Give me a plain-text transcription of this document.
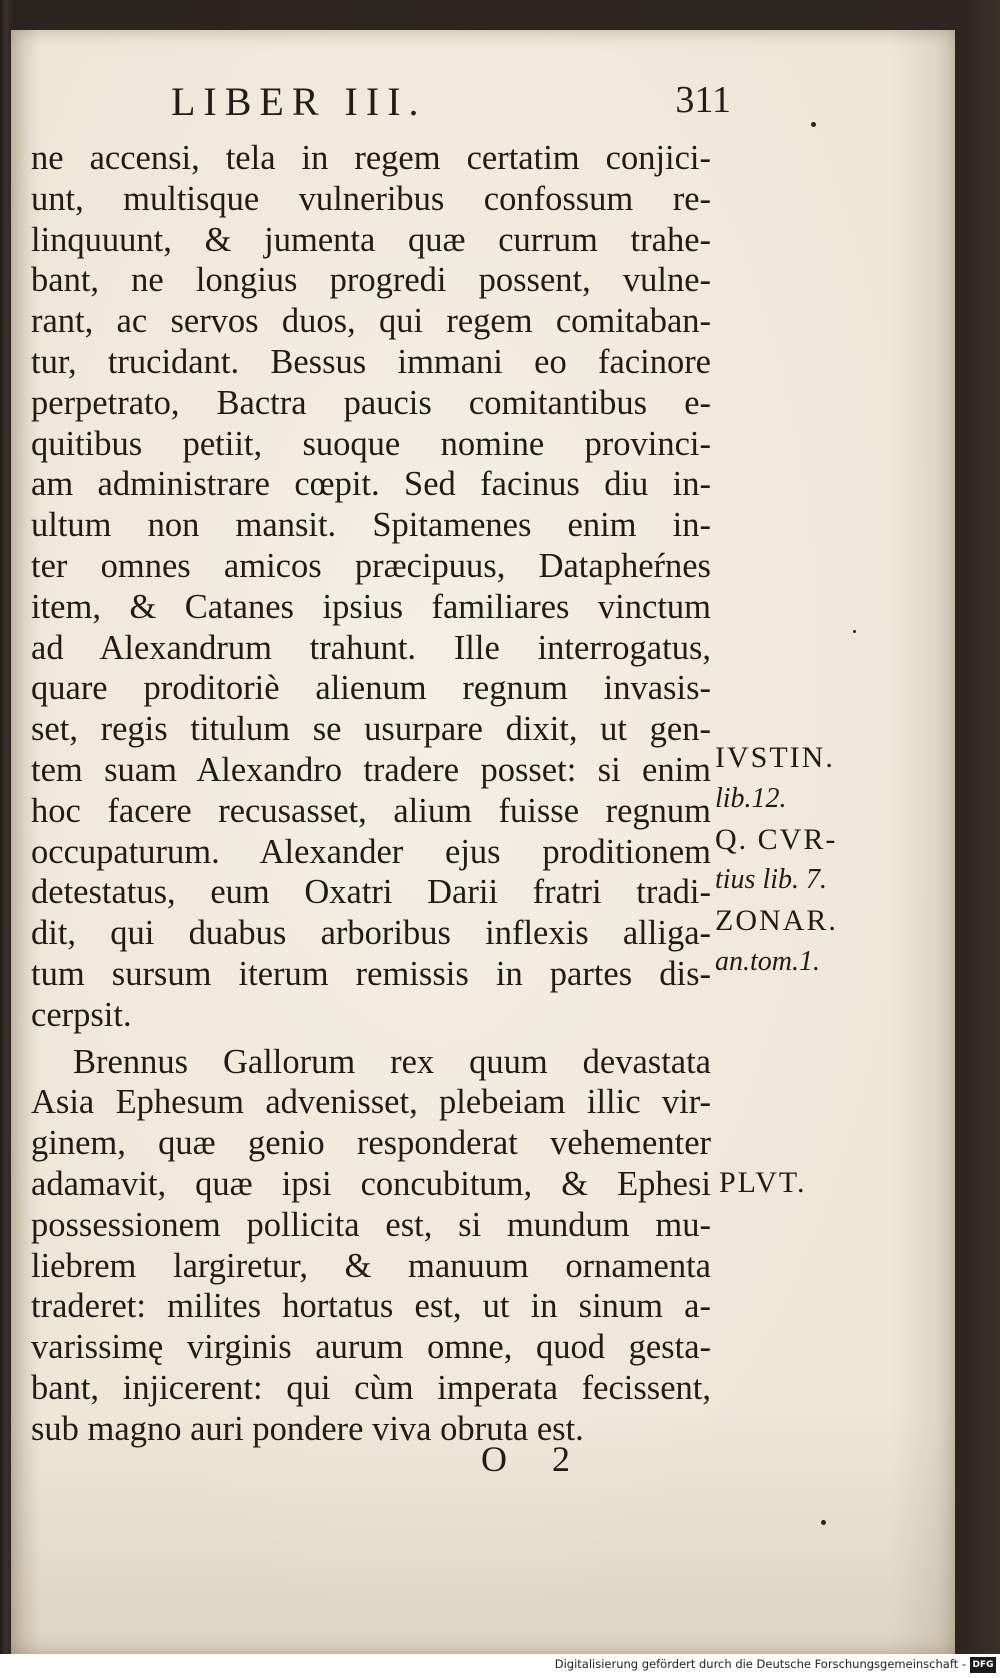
LIBER III.	311
ne accensi, tela in regem certatim conjici-
unt, multisque vulneribus confossum re-
linquuunt, & jumenta quæ currum trahe-
bant, ne longius progredi possent, vulne-
rant, ac servos duos, qui regem comitaban-
tur, trucidant. Bessus immani eo facinore
perpetrato, Bactra paucis comitantibus e-
quitibus petiit, suoque nomine provinci-
am administrare cœpit. Sed facinus diu in-
ultum non mansit. Spitamenes enim in-
ter omnes amicos præcipuus, Datapheŕnes
item, & Catanes ipsius familiares vinctum
ad Alexandrum trahunt. Ille interrogatus,
quare proditoriè alienum regnum invasis-
set, regis titulum se usurpare dixit, ut gen-
tem suam Alexandro tradere posset: si enim
hoc facere recusasset, alium fuisse regnum
occupaturum. Alexander ejus proditionem
detestatus, eum Oxatri Darii fratri tradi-
dit, qui duabus arboribus inflexis alliga-
tum sursum iterum remissis in partes dis-
cerpsit.
Brennus Gallorum rex quum devastata
Asia Ephesum advenisset, plebeiam illic vir-
ginem, quæ genio responderat vehementer
adamavit, quæ ipsi concubitum, & Ephesi
possessionem pollicita est, si mundum mu-
liebrem largiretur, & manuum ornamenta
traderet: milites hortatus est, ut in sinum a-
varissimę virginis aurum omne, quod gesta-
bant, injicerent: qui cùm imperata fecissent,
sub magno auri pondere viva obruta est.
IVSTIN.
lib.12.
Q. CVR-
tius lib. 7.
ZONAR.
an.tom.1.
PLVT.
O 2
Digitalisierung gefördert durch die Deutsche Forschungsgemeinschaft - DFG
